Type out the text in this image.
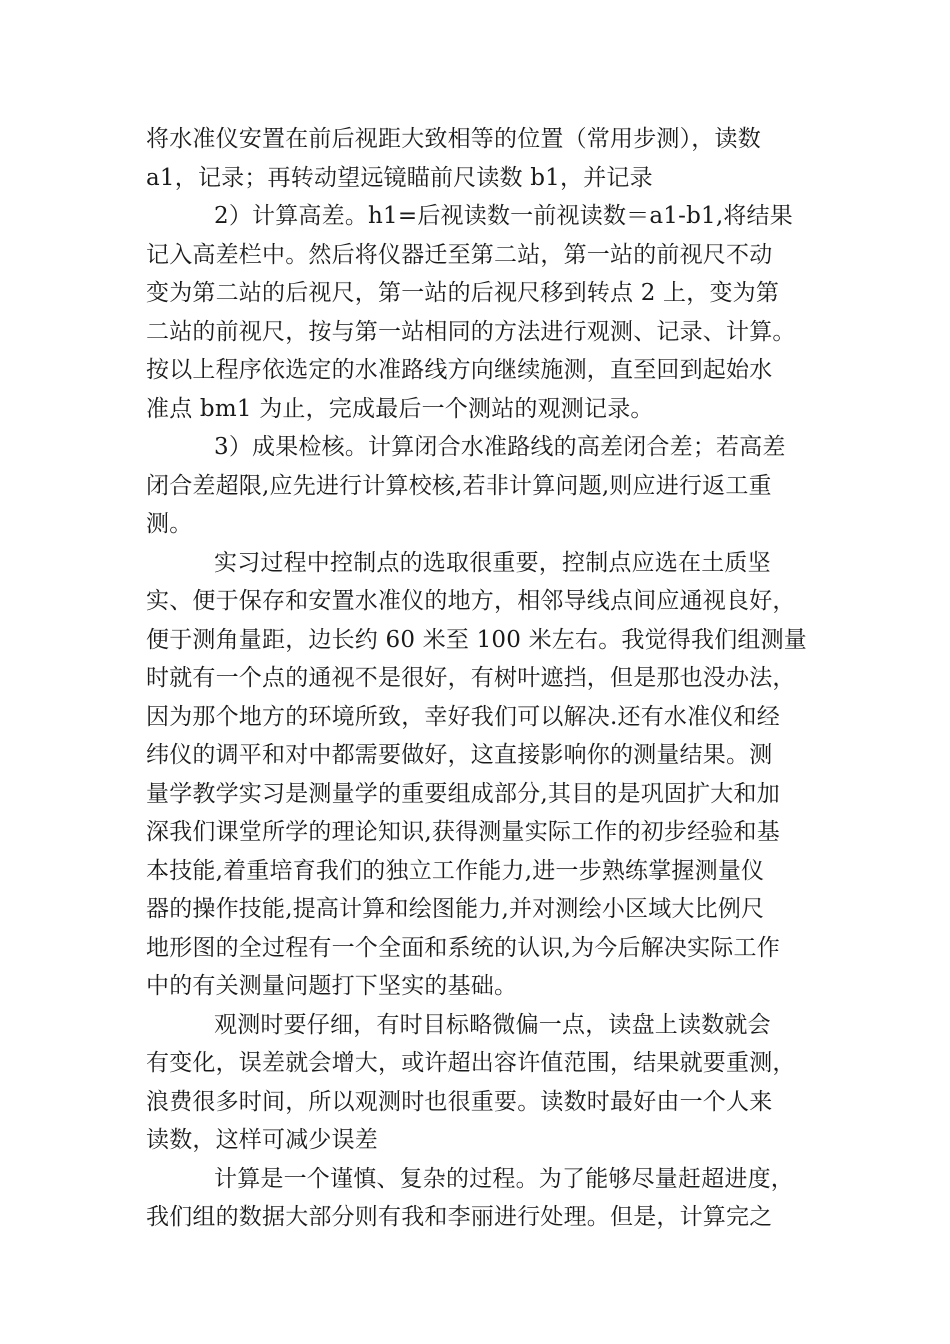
将水准仪安置在前后视距大致相等的位置（常用步测），读数
a1，记录；再转动望远镜瞄前尺读数 b1，并记录
2）计算高差。h1=后视读数一前视读数＝a1-b1,将结果
记入高差栏中。然后将仪器迁至第二站，第一站的前视尺不动
变为第二站的后视尺，第一站的后视尺移到转点 2 上，变为第
二站的前视尺，按与第一站相同的方法进行观测、记录、计算。
按以上程序依选定的水准路线方向继续施测，直至回到起始水
准点 bm1 为止，完成最后一个测站的观测记录。
3）成果检核。计算闭合水准路线的高差闭合差；若高差
闭合差超限,应先进行计算校核,若非计算问题,则应进行返工重
测。
实习过程中控制点的选取很重要，控制点应选在土质坚
实、便于保存和安置水准仪的地方，相邻导线点间应通视良好，
便于测角量距，边长约 60 米至 100 米左右。我觉得我们组测量
时就有一个点的通视不是很好，有树叶遮挡，但是那也没办法，
因为那个地方的环境所致，幸好我们可以解决.还有水准仪和经
纬仪的调平和对中都需要做好，这直接影响你的测量结果。测
量学教学实习是测量学的重要组成部分,其目的是巩固扩大和加
深我们课堂所学的理论知识,获得测量实际工作的初步经验和基
本技能,着重培育我们的独立工作能力,进一步熟练掌握测量仪
器的操作技能,提高计算和绘图能力,并对测绘小区域大比例尺
地形图的全过程有一个全面和系统的认识,为今后解决实际工作
中的有关测量问题打下坚实的基础。
观测时要仔细，有时目标略微偏一点，读盘上读数就会
有变化，误差就会增大，或许超出容许值范围，结果就要重测，
浪费很多时间，所以观测时也很重要。读数时最好由一个人来
读数，这样可减少误差
计算是一个谨慎、复杂的过程。为了能够尽量赶超进度，
我们组的数据大部分则有我和李丽进行处理。但是，计算完之
